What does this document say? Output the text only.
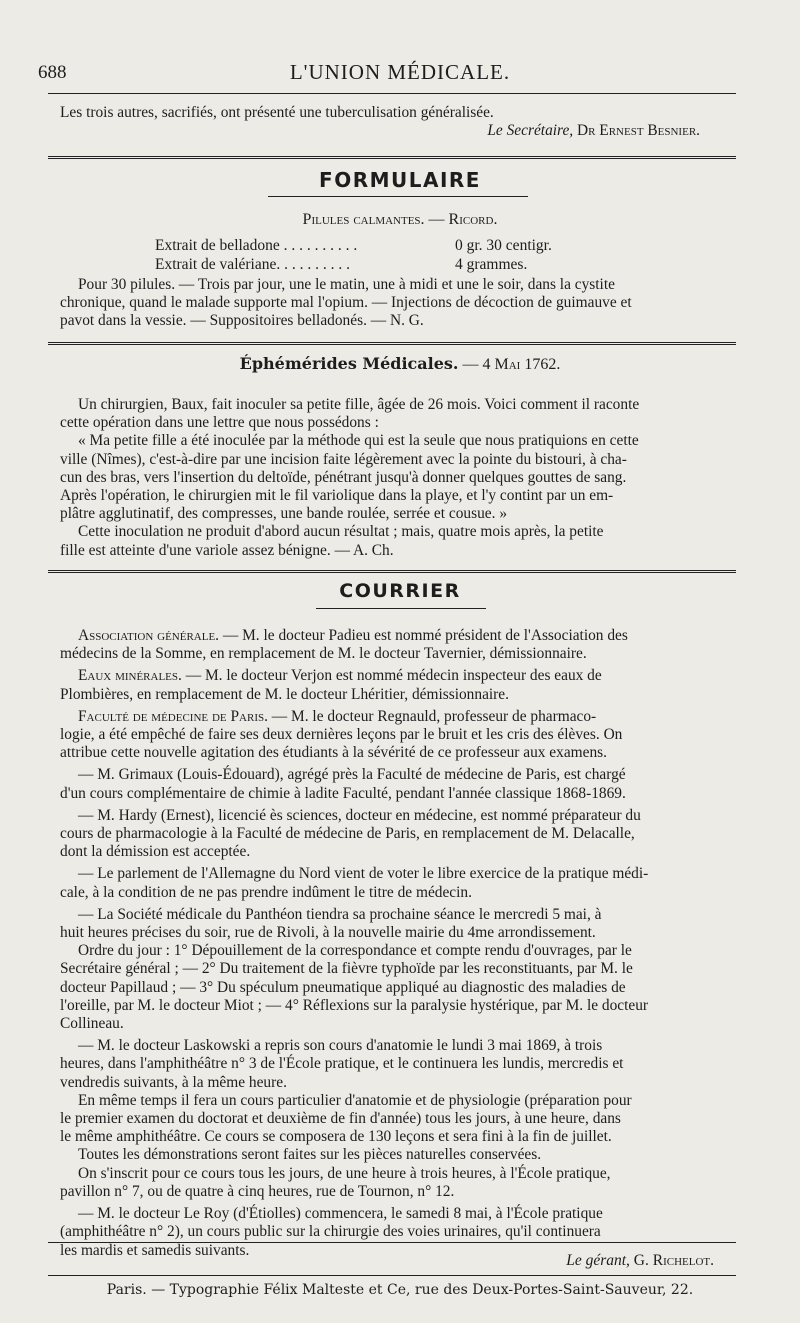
688	L'UNION MÉDICALE.
Les trois autres, sacrifiés, ont présenté une tuberculisation généralisée.
Le Secrétaire, Dr Ernest Besnier.
FORMULAIRE
Pilules calmantes. — Ricord.
Extrait de belladone . . . . . . . . . .	0 gr. 30 centigr.
Extrait de valériane. . . . . . . . . .	4 grammes.
Pour 30 pilules. — Trois par jour, une le matin, une à midi et une le soir, dans la cystite
chronique, quand le malade supporte mal l'opium. — Injections de décoction de guimauve et
pavot dans la vessie. — Suppositoires belladonés. — N. G.
Éphémérides Médicales. — 4 Mai 1762.
Un chirurgien, Baux, fait inoculer sa petite fille, âgée de 26 mois. Voici comment il raconte
cette opération dans une lettre que nous possédons :
« Ma petite fille a été inoculée par la méthode qui est la seule que nous pratiquions en cette
ville (Nîmes), c'est-à-dire par une incision faite légèrement avec la pointe du bistouri, à cha-
cun des bras, vers l'insertion du deltoïde, pénétrant jusqu'à donner quelques gouttes de sang.
Après l'opération, le chirurgien mit le fil variolique dans la playe, et l'y contint par un em-
plâtre agglutinatif, des compresses, une bande roulée, serrée et cousue. »
Cette inoculation ne produit d'abord aucun résultat ; mais, quatre mois après, la petite
fille est atteinte d'une variole assez bénigne. — A. Ch.
COURRIER
Association générale. — M. le docteur Padieu est nommé président de l'Association des
médecins de la Somme, en remplacement de M. le docteur Tavernier, démissionnaire.
Eaux minérales. — M. le docteur Verjon est nommé médecin inspecteur des eaux de
Plombières, en remplacement de M. le docteur Lhéritier, démissionnaire.
Faculté de médecine de Paris. — M. le docteur Regnauld, professeur de pharmaco-
logie, a été empêché de faire ses deux dernières leçons par le bruit et les cris des élèves. On
attribue cette nouvelle agitation des étudiants à la sévérité de ce professeur aux examens.
— M. Grimaux (Louis-Édouard), agrégé près la Faculté de médecine de Paris, est chargé
d'un cours complémentaire de chimie à ladite Faculté, pendant l'année classique 1868-1869.
— M. Hardy (Ernest), licencié ès sciences, docteur en médecine, est nommé préparateur du
cours de pharmacologie à la Faculté de médecine de Paris, en remplacement de M. Delacalle,
dont la démission est acceptée.
— Le parlement de l'Allemagne du Nord vient de voter le libre exercice de la pratique médi-
cale, à la condition de ne pas prendre indûment le titre de médecin.
— La Société médicale du Panthéon tiendra sa prochaine séance le mercredi 5 mai, à
huit heures précises du soir, rue de Rivoli, à la nouvelle mairie du 4me arrondissement.
Ordre du jour : 1° Dépouillement de la correspondance et compte rendu d'ouvrages, par le
Secrétaire général ; — 2° Du traitement de la fièvre typhoïde par les reconstituants, par M. le
docteur Papillaud ; — 3° Du spéculum pneumatique appliqué au diagnostic des maladies de
l'oreille, par M. le docteur Miot ; — 4° Réflexions sur la paralysie hystérique, par M. le docteur
Collineau.
— M. le docteur Laskowski a repris son cours d'anatomie le lundi 3 mai 1869, à trois
heures, dans l'amphithéâtre n° 3 de l'École pratique, et le continuera les lundis, mercredis et
vendredis suivants, à la même heure.
En même temps il fera un cours particulier d'anatomie et de physiologie (préparation pour
le premier examen du doctorat et deuxième de fin d'année) tous les jours, à une heure, dans
le même amphithéâtre. Ce cours se composera de 130 leçons et sera fini à la fin de juillet.
Toutes les démonstrations seront faites sur les pièces naturelles conservées.
On s'inscrit pour ce cours tous les jours, de une heure à trois heures, à l'École pratique,
pavillon n° 7, ou de quatre à cinq heures, rue de Tournon, n° 12.
— M. le docteur Le Roy (d'Étiolles) commencera, le samedi 8 mai, à l'École pratique
(amphithéâtre n° 2), un cours public sur la chirurgie des voies urinaires, qu'il continuera
les mardis et samedis suivants.
Le gérant, G. Richelot.
Paris. — Typographie Félix Malteste et Ce, rue des Deux-Portes-Saint-Sauveur, 22.
